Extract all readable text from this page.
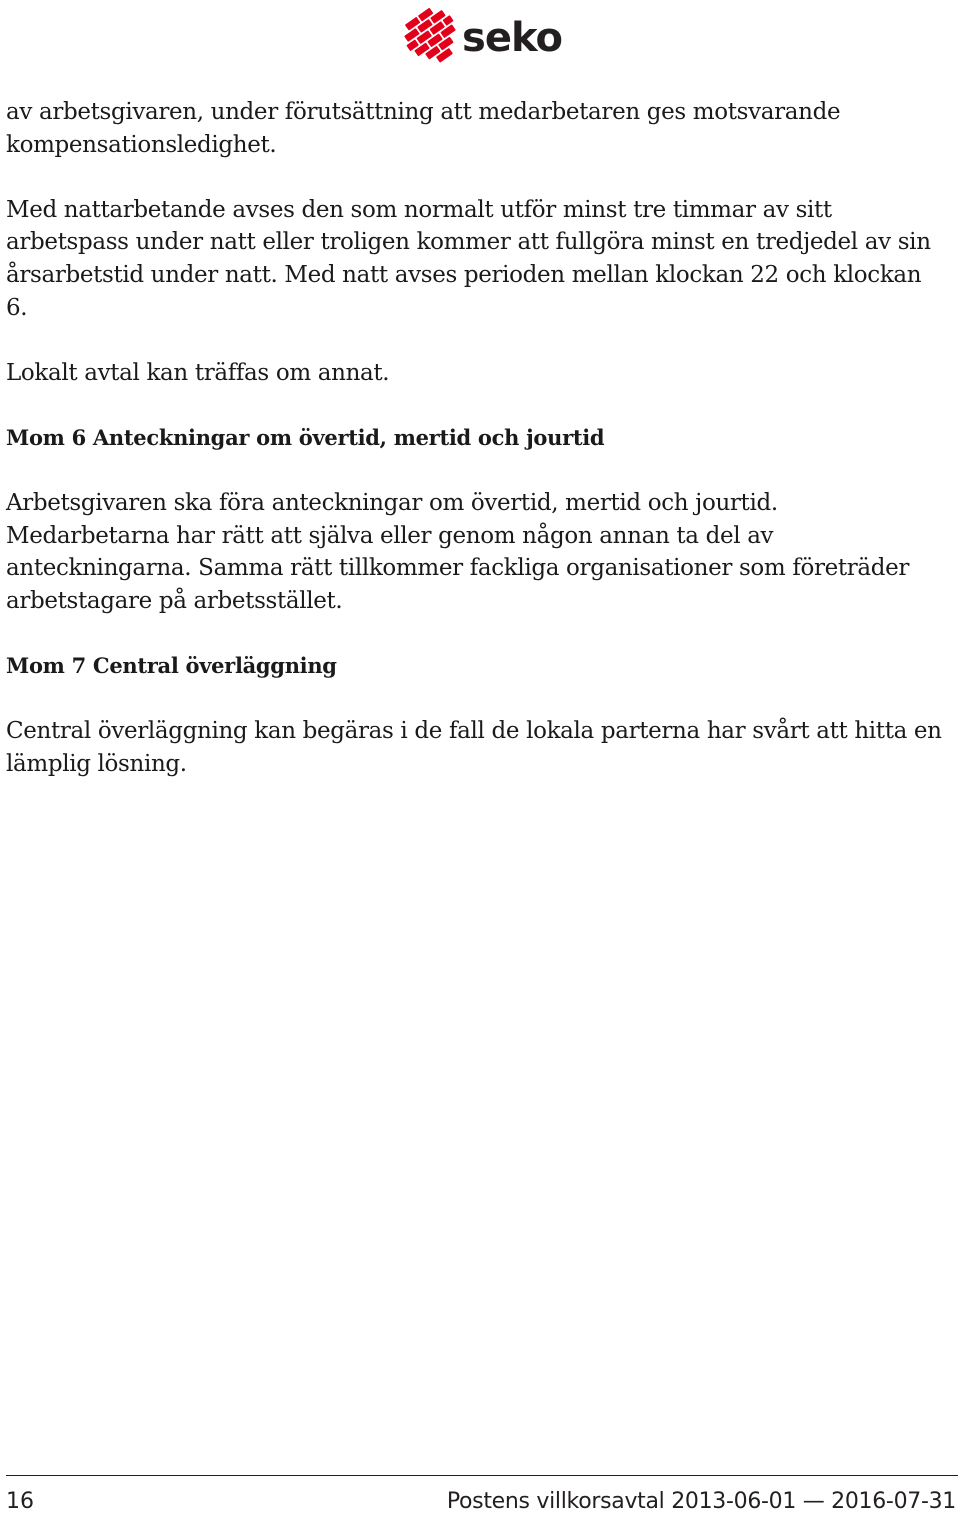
seko

av arbetsgivaren, under förutsättning att medarbetaren ges motsvarande kompensationsledighet.

Med nattarbetande avses den som normalt utför minst tre timmar av sitt arbetspass under natt eller troligen kommer att fullgöra minst en tredjedel av sin årsarbetstid under natt. Med natt avses perioden mellan klockan 22 och klockan 6.

Lokalt avtal kan träffas om annat.

Mom 6 Anteckningar om övertid, mertid och jourtid

Arbetsgivaren ska föra anteckningar om övertid, mertid och jourtid. Medarbetarna har rätt att själva eller genom någon annan ta del av anteckningarna. Samma rätt tillkommer fackliga organisationer som företräder arbetstagare på arbetsstället.

Mom 7 Central överläggning

Central överläggning kan begäras i de fall de lokala parterna har svårt att hitta en lämplig lösning.

16	Postens villkorsavtal 2013-06-01 — 2016-07-31
